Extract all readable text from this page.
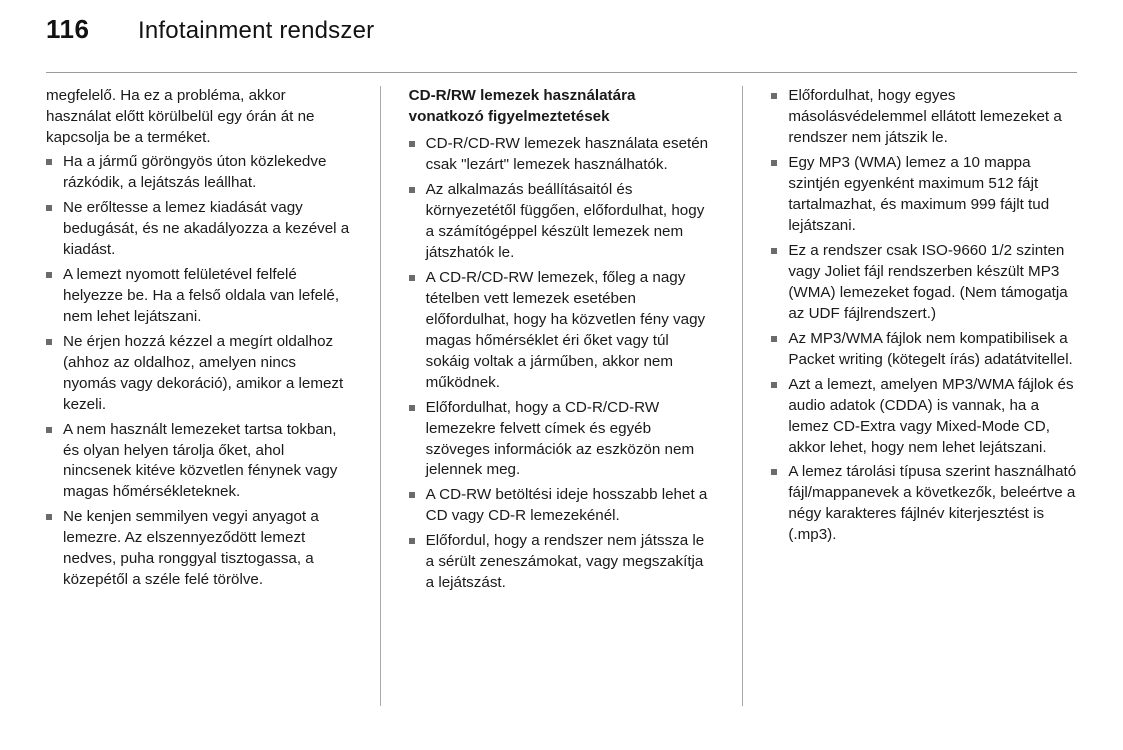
116	Infotainment rendszer

megfelelő. Ha ez a probléma, akkor használat előtt körülbelül egy órán át ne kapcsolja be a terméket.

Ha a jármű göröngyös úton közlekedve rázkódik, a lejátszás leállhat.
Ne erőltesse a lemez kiadását vagy bedugását, és ne akadályozza a kezével a kiadást.
A lemezt nyomott felületével felfelé helyezze be. Ha a felső oldala van lefelé, nem lehet lejátszani.
Ne érjen hozzá kézzel a megírt oldalhoz (ahhoz az oldalhoz, amelyen nincs nyomás vagy dekoráció), amikor a lemezt kezeli.
A nem használt lemezeket tartsa tokban, és olyan helyen tárolja őket, ahol nincsenek kitéve közvetlen fénynek vagy magas hőmérsékleteknek.
Ne kenjen semmilyen vegyi anyagot a lemezre. Az elszennyeződött lemezt nedves, puha ronggyal tisztogassa, a közepétől a széle felé törölve.
CD-R/RW lemezek használatára vonatkozó figyelmeztetések
CD-R/CD-RW lemezek használata esetén csak "lezárt" lemezek használhatók.
Az alkalmazás beállításaitól és környezetétől függően, előfordulhat, hogy a számítógéppel készült lemezek nem játszhatók le.
A CD-R/CD-RW lemezek, főleg a nagy tételben vett lemezek esetében előfordulhat, hogy ha közvetlen fény vagy magas hőmérséklet éri őket vagy túl sokáig voltak a járműben, akkor nem működnek.
Előfordulhat, hogy a CD-R/CD-RW lemezekre felvett címek és egyéb szöveges információk az eszközön nem jelennek meg.
A CD-RW betöltési ideje hosszabb lehet a CD vagy CD-R lemezekénél.
Előfordul, hogy a rendszer nem játssza le a sérült zeneszámokat, vagy megszakítja a lejátszást.
Előfordulhat, hogy egyes másolásvédelemmel ellátott lemezeket a rendszer nem játszik le.
Egy MP3 (WMA) lemez a 10 mappa szintjén egyenként maximum 512 fájt tartalmazhat, és maximum 999 fájlt tud lejátszani.
Ez a rendszer csak ISO-9660 1/2 szinten vagy Joliet fájl rendszerben készült MP3 (WMA) lemezeket fogad. (Nem támogatja az UDF fájlrendszert.)
Az MP3/WMA fájlok nem kompatibilisek a Packet writing (kötegelt írás) adatátvitellel.
Azt a lemezt, amelyen MP3/WMA fájlok és audio adatok (CDDA) is vannak, ha a lemez CD-Extra vagy Mixed-Mode CD, akkor lehet, hogy nem lehet lejátszani.
A lemez tárolási típusa szerint használható fájl/mappanevek a következők, beleértve a négy karakteres fájlnév kiterjesztést is (.mp3).
